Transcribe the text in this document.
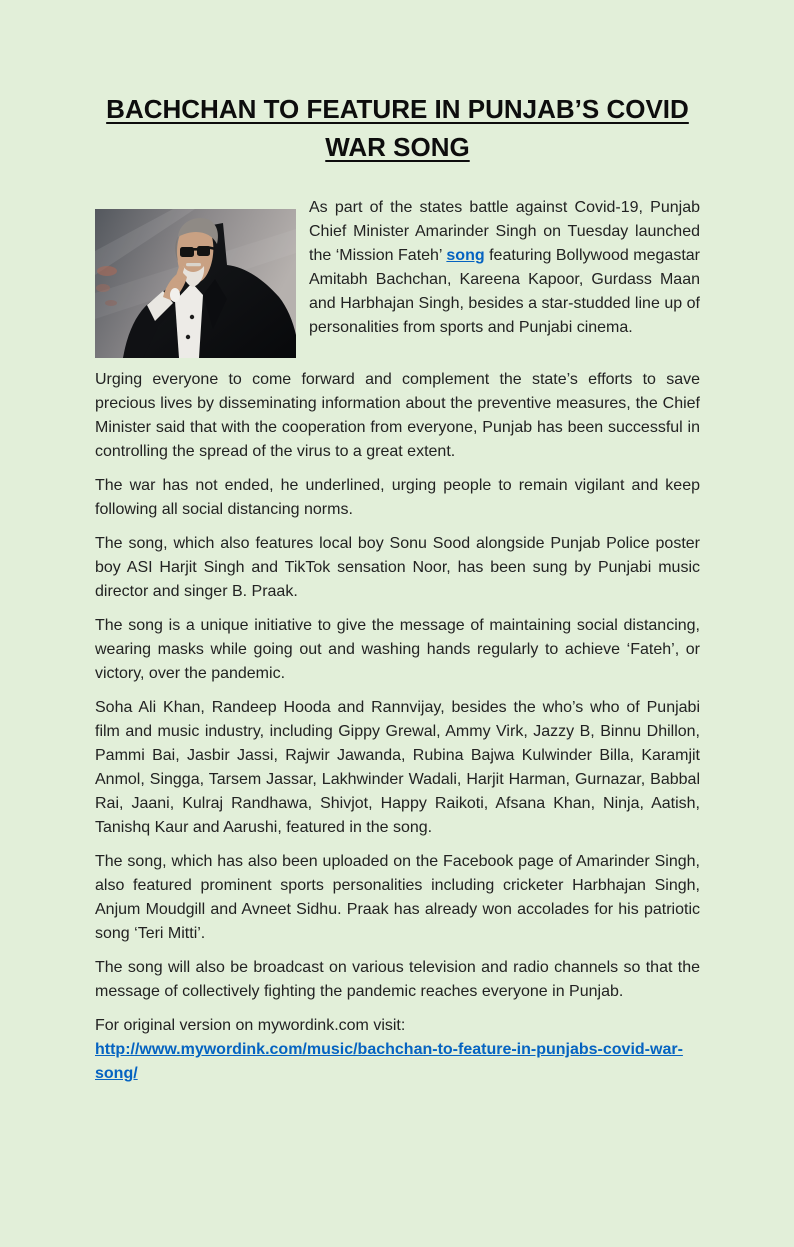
BACHCHAN TO FEATURE IN PUNJAB’S COVID
WAR SONG

As part of the states battle against Covid-19, Punjab Chief Minister Amarinder Singh on Tuesday launched the ‘Mission Fateh’ song featuring Bollywood megastar Amitabh Bachchan, Kareena Kapoor, Gurdass Maan and Harbhajan Singh, besides a star-studded line up of personalities from sports and Punjabi cinema.

Urging everyone to come forward and complement the state’s efforts to save precious lives by disseminating information about the preventive measures, the Chief Minister said that with the cooperation from everyone, Punjab has been successful in controlling the spread of the virus to a great extent.

The war has not ended, he underlined, urging people to remain vigilant and keep following all social distancing norms.

The song, which also features local boy Sonu Sood alongside Punjab Police poster boy ASI Harjit Singh and TikTok sensation Noor, has been sung by Punjabi music director and singer B. Praak.

The song is a unique initiative to give the message of maintaining social distancing, wearing masks while going out and washing hands regularly to achieve ‘Fateh’, or victory, over the pandemic.

Soha Ali Khan, Randeep Hooda and Rannvijay, besides the who’s who of Punjabi film and music industry, including Gippy Grewal, Ammy Virk, Jazzy B, Binnu Dhillon, Pammi Bai, Jasbir Jassi, Rajwir Jawanda, Rubina Bajwa Kulwinder Billa, Karamjit Anmol, Singga, Tarsem Jassar, Lakhwinder Wadali, Harjit Harman, Gurnazar, Babbal Rai, Jaani, Kulraj Randhawa, Shivjot, Happy Raikoti, Afsana Khan, Ninja, Aatish, Tanishq Kaur and Aarushi, featured in the song.

The song, which has also been uploaded on the Facebook page of Amarinder Singh, also featured prominent sports personalities including cricketer Harbhajan Singh, Anjum Moudgill and Avneet Sidhu. Praak has already won accolades for his patriotic song ‘Teri Mitti’.

The song will also be broadcast on various television and radio channels so that the message of collectively fighting the pandemic reaches everyone in Punjab.

For original version on mywordink.com visit:
http://www.mywordink.com/music/bachchan-to-feature-in-punjabs-covid-war-song/
